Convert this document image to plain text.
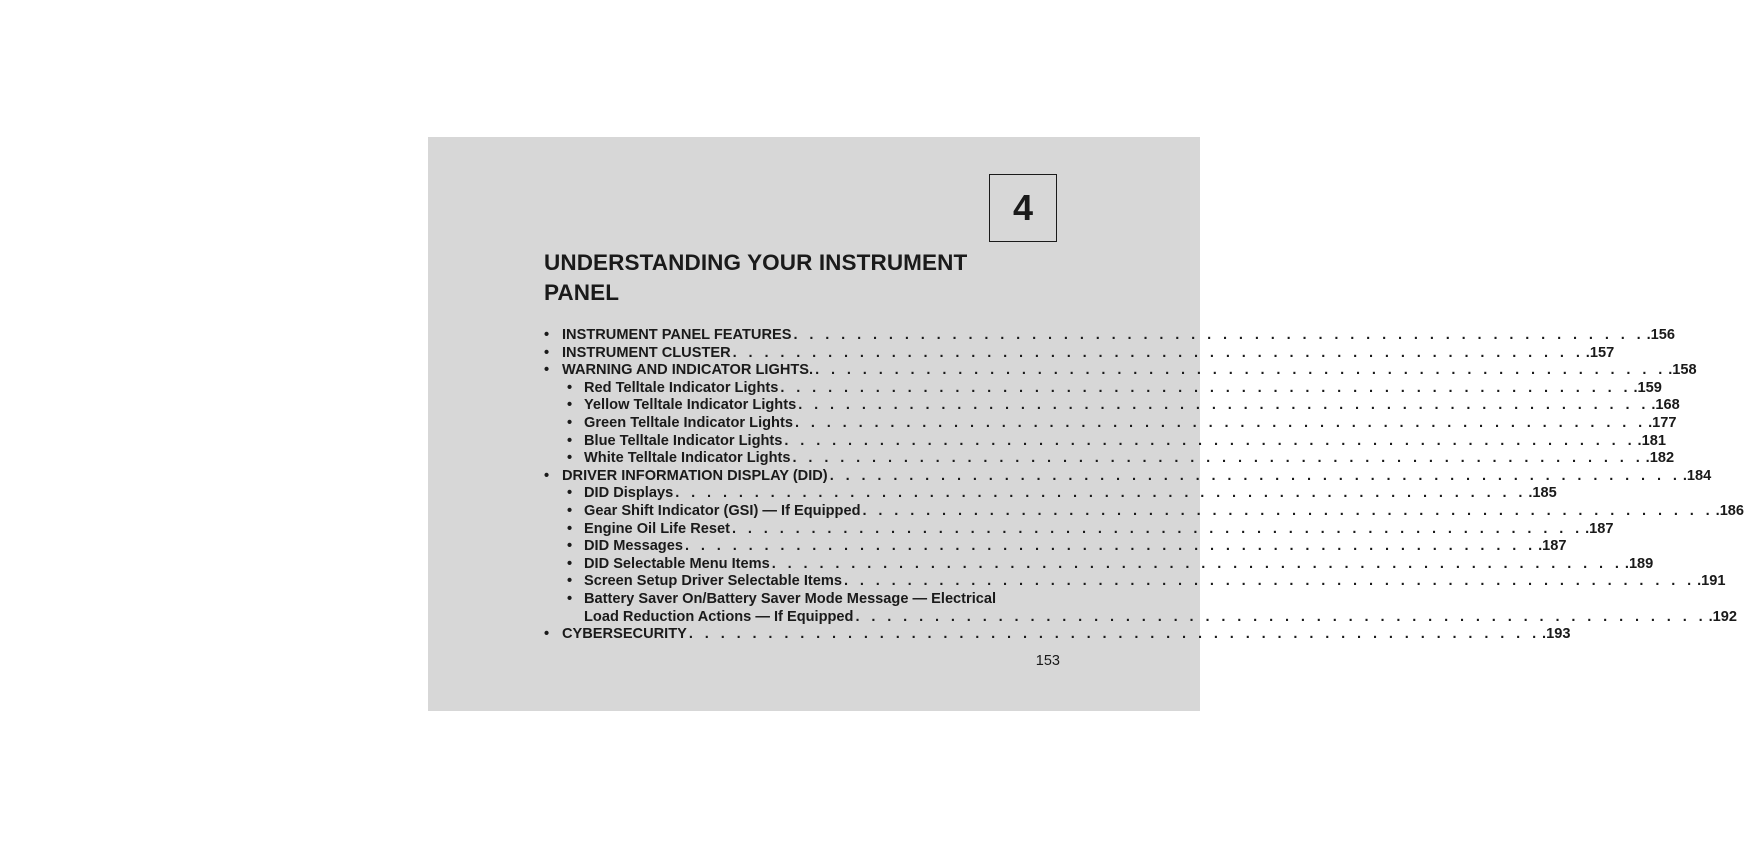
4
UNDERSTANDING YOUR INSTRUMENT
PANEL
• INSTRUMENT PANEL FEATURES . . . . . . . . . . . . . . . . . . . . . . . . . . . . . . . . . . . . . . . . . . . . . . . . . . . . . . .156
• INSTRUMENT CLUSTER . . . . . . . . . . . . . . . . . . . . . . . . . . . . . . . . . . . . . . . . . . . . . . . . . . . . . . .157
• WARNING AND INDICATOR LIGHTS. . . . . . . . . . . . . . . . . . . . . . . . . . . . . . . . . . . . . . . . . . . . . . . . . . . . . . . .158
• Red Telltale Indicator Lights . . . . . . . . . . . . . . . . . . . . . . . . . . . . . . . . . . . . . . . . . . . . . . . . . . . . . . .159
• Yellow Telltale Indicator Lights . . . . . . . . . . . . . . . . . . . . . . . . . . . . . . . . . . . . . . . . . . . . . . . . . . . . . . .168
• Green Telltale Indicator Lights . . . . . . . . . . . . . . . . . . . . . . . . . . . . . . . . . . . . . . . . . . . . . . . . . . . . . . .177
• Blue Telltale Indicator Lights . . . . . . . . . . . . . . . . . . . . . . . . . . . . . . . . . . . . . . . . . . . . . . . . . . . . . . .181
• White Telltale Indicator Lights . . . . . . . . . . . . . . . . . . . . . . . . . . . . . . . . . . . . . . . . . . . . . . . . . . . . . . .182
• DRIVER INFORMATION DISPLAY (DID) . . . . . . . . . . . . . . . . . . . . . . . . . . . . . . . . . . . . . . . . . . . . . . . . . . . . . . .184
• DID Displays . . . . . . . . . . . . . . . . . . . . . . . . . . . . . . . . . . . . . . . . . . . . . . . . . . . . . . .185
• Gear Shift Indicator (GSI) — If Equipped . . . . . . . . . . . . . . . . . . . . . . . . . . . . . . . . . . . . . . . . . . . . . . . . . . . . . . .186
• Engine Oil Life Reset . . . . . . . . . . . . . . . . . . . . . . . . . . . . . . . . . . . . . . . . . . . . . . . . . . . . . . .187
• DID Messages . . . . . . . . . . . . . . . . . . . . . . . . . . . . . . . . . . . . . . . . . . . . . . . . . . . . . . .187
• DID Selectable Menu Items . . . . . . . . . . . . . . . . . . . . . . . . . . . . . . . . . . . . . . . . . . . . . . . . . . . . . . .189
• Screen Setup Driver Selectable Items . . . . . . . . . . . . . . . . . . . . . . . . . . . . . . . . . . . . . . . . . . . . . . . . . . . . . . .191
• Battery Saver On/Battery Saver Mode Message — Electrical
Load Reduction Actions — If Equipped . . . . . . . . . . . . . . . . . . . . . . . . . . . . . . . . . . . . . . . . . . . . . . . . . . . . . . .192
• CYBERSECURITY . . . . . . . . . . . . . . . . . . . . . . . . . . . . . . . . . . . . . . . . . . . . . . . . . . . . . . .193
153
